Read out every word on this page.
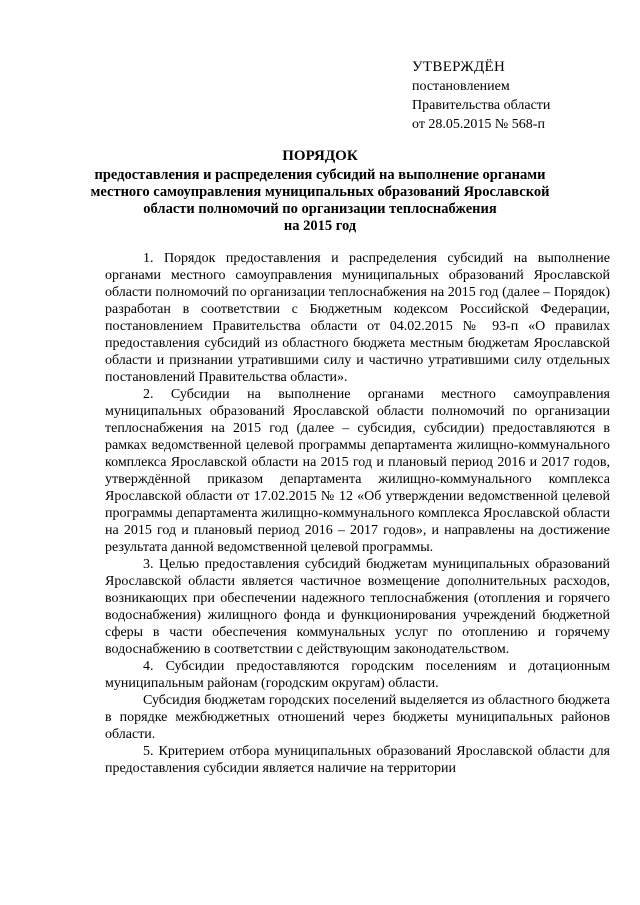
УТВЕРЖДЁН
постановлением
Правительства области
от 28.05.2015 № 568-п
ПОРЯДОК
предоставления и распределения субсидий на выполнение органами
местного самоуправления муниципальных образований Ярославской
области полномочий по организации теплоснабжения
на 2015 год

1. Порядок предоставления и распределения субсидий на выполнение органами местного самоуправления муниципальных образований Ярославской области полномочий по организации теплоснабжения на 2015 год (далее – Порядок) разработан в соответствии с Бюджетным кодексом Российской Федерации, постановлением Правительства области от 04.02.2015 № 93-п «О правилах предоставления субсидий из областного бюджета местным бюджетам Ярославской области и признании утратившими силу и частично утратившими силу отдельных постановлений Правительства области».

2. Субсидии на выполнение органами местного самоуправления муниципальных образований Ярославской области полномочий по организации теплоснабжения на 2015 год (далее – субсидия, субсидии) предоставляются в рамках ведомственной целевой программы департамента жилищно-коммунального комплекса Ярославской области на 2015 год и плановый период 2016 и 2017 годов, утверждённой приказом департамента жилищно-коммунального комплекса Ярославской области от 17.02.2015 № 12 «Об утверждении ведомственной целевой программы департамента жилищно-коммунального комплекса Ярославской области на 2015 год и плановый период 2016 – 2017 годов», и направлены на достижение результата данной ведомственной целевой программы.

3. Целью предоставления субсидий бюджетам муниципальных образований Ярославской области является частичное возмещение дополнительных расходов, возникающих при обеспечении надежного теплоснабжения (отопления и горячего водоснабжения) жилищного фонда и функционирования учреждений бюджетной сферы в части обеспечения коммунальных услуг по отоплению и горячему водоснабжению в соответствии с действующим законодательством.

4. Субсидии предоставляются городским поселениям и дотационным муниципальным районам (городским округам) области.

Субсидия бюджетам городских поселений выделяется из областного бюджета в порядке межбюджетных отношений через бюджеты муниципальных районов области.

5. Критерием отбора муниципальных образований Ярославской области для предоставления субсидии является наличие на территории
